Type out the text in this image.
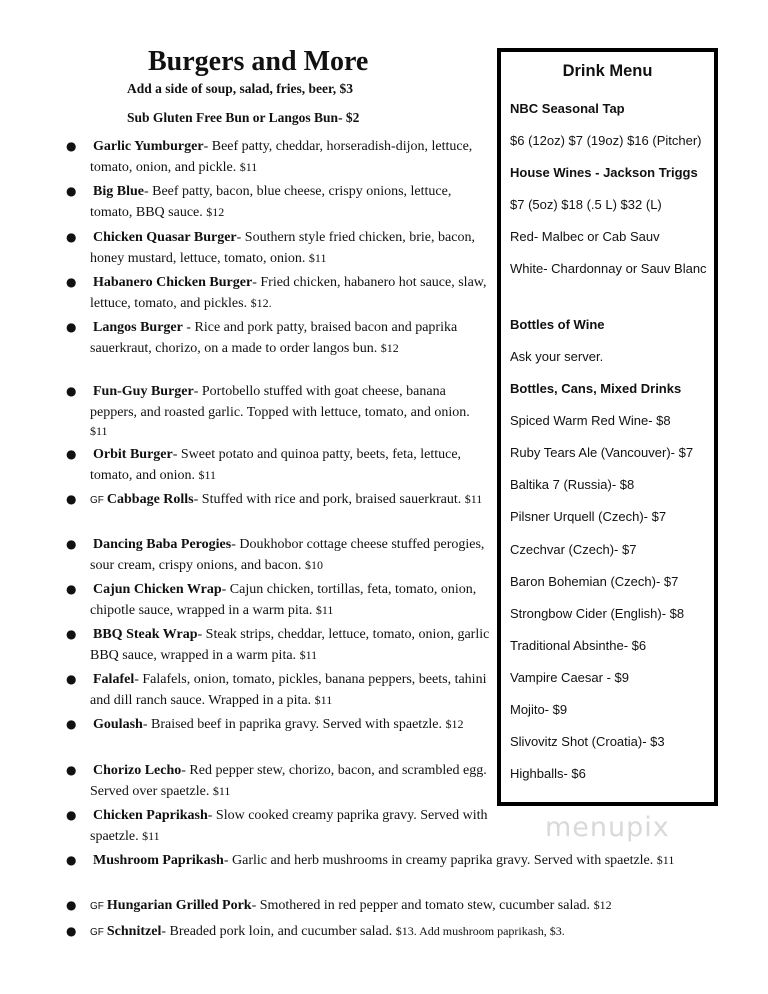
Burgers and More
Add a side of soup, salad, fries, beer, $3
Sub Gluten Free Bun or Langos Bun- $2
● Garlic Yumburger- Beef patty, cheddar, horseradish-dijon, lettuce, tomato, onion, and pickle. $11
● Big Blue- Beef patty, bacon, blue cheese, crispy onions, lettuce, tomato, BBQ sauce. $12
● Chicken Quasar Burger- Southern style fried chicken, brie, bacon, honey mustard, lettuce, tomato, onion. $11
● Habanero Chicken Burger- Fried chicken, habanero hot sauce, slaw, lettuce, tomato, and pickles. $12.
● Langos Burger - Rice and pork patty, braised bacon and paprika sauerkraut, chorizo, on a made to order langos bun. $12
● Fun-Guy Burger- Portobello stuffed with goat cheese, banana peppers, and roasted garlic. Topped with lettuce, tomato, and onion. $11
● Orbit Burger- Sweet potato and quinoa patty, beets, feta, lettuce, tomato, and onion. $11
● GF Cabbage Rolls- Stuffed with rice and pork, braised sauerkraut. $11
● Dancing Baba Perogies- Doukhobor cottage cheese stuffed perogies, sour cream, crispy onions, and bacon. $10
● Cajun Chicken Wrap- Cajun chicken, tortillas, feta, tomato, onion, chipotle sauce, wrapped in a warm pita. $11
● BBQ Steak Wrap- Steak strips, cheddar, lettuce, tomato, onion, garlic BBQ sauce, wrapped in a warm pita. $11
● Falafel- Falafels, onion, tomato, pickles, banana peppers, beets, tahini and dill ranch sauce. Wrapped in a pita. $11
● Goulash- Braised beef in paprika gravy. Served with spaetzle. $12
● Chorizo Lecho- Red pepper stew, chorizo, bacon, and scrambled egg. Served over spaetzle. $11
● Chicken Paprikash- Slow cooked creamy paprika gravy. Served with spaetzle. $11
● Mushroom Paprikash- Garlic and herb mushrooms in creamy paprika gravy. Served with spaetzle. $11
● GF Hungarian Grilled Pork- Smothered in red pepper and tomato stew, cucumber salad. $12
● GF Schnitzel- Breaded pork loin, and cucumber salad. $13. Add mushroom paprikash, $3.
Drink Menu
NBC Seasonal Tap
$6 (12oz) $7 (19oz) $16 (Pitcher)
House Wines - Jackson Triggs
$7 (5oz) $18 (.5 L) $32 (L)
Red- Malbec or Cab Sauv
White- Chardonnay or Sauv Blanc
Bottles of Wine
Ask your server.
Bottles, Cans, Mixed Drinks
Spiced Warm Red Wine- $8
Ruby Tears Ale (Vancouver)- $7
Baltika 7 (Russia)- $8
Pilsner Urquell (Czech)- $7
Czechvar (Czech)- $7
Baron Bohemian (Czech)- $7
Strongbow Cider (English)- $8
Traditional Absinthe- $6
Vampire Caesar - $9
Mojito- $9
Slivovitz Shot (Croatia)- $3
Highballs- $6
menupix
